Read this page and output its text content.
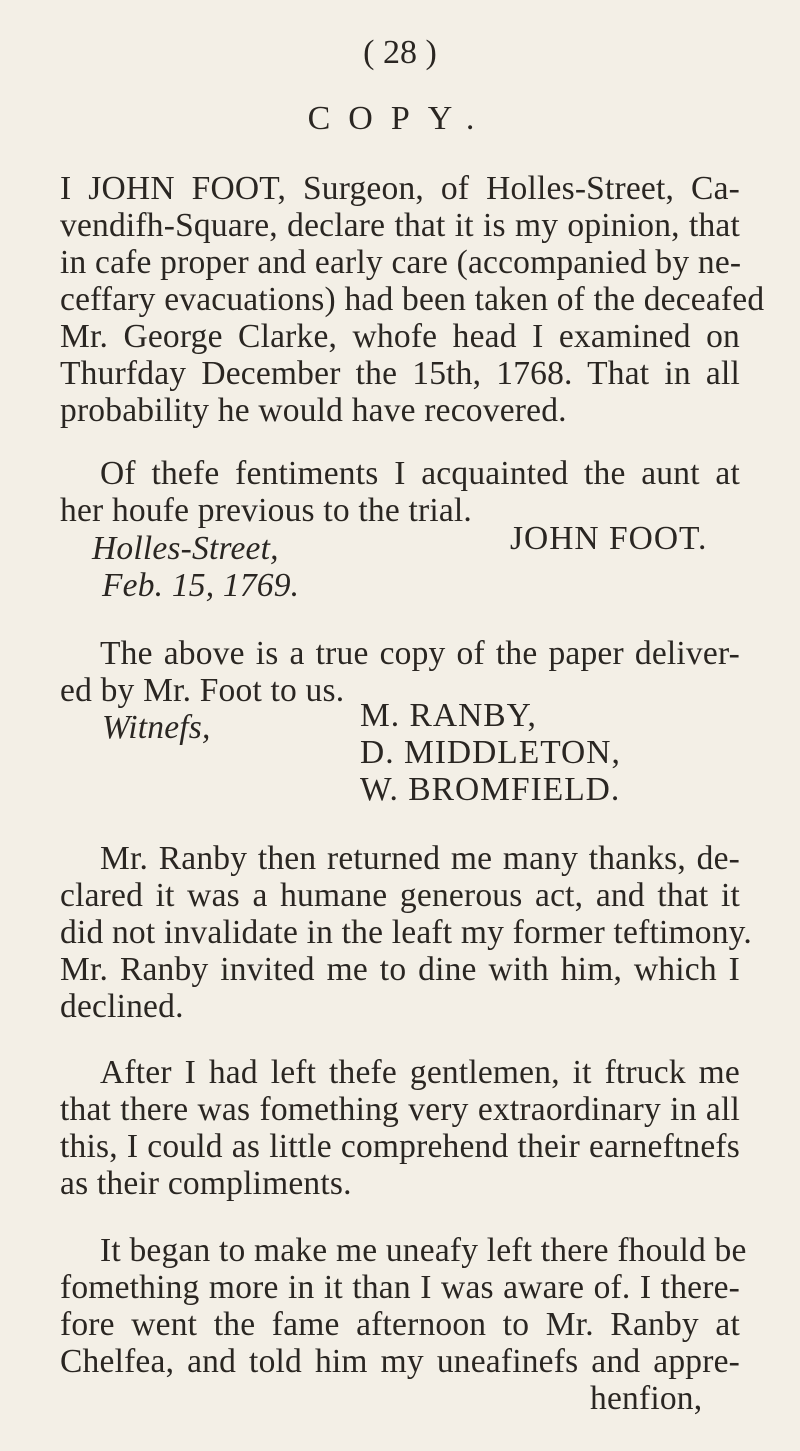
( 28 )
COPY.
I JOHN FOOT, Surgeon, of Holles-Street, Ca-
vendifh-Square, declare that it is my opinion, that
in cafe proper and early care (accompanied by ne-
ceffary evacuations) had been taken of the deceafed
Mr. George Clarke, whofe head I examined on
Thurfday December the 15th, 1768. That in all
probability he would have recovered.
Of thefe fentiments I acquainted the aunt at
her houfe previous to the trial.
Holles-Street,
Feb. 15, 1769.
JOHN FOOT.
The above is a true copy of the paper deliver-
ed by Mr. Foot to us.
Witnefs,	M. RANBY,
D. MIDDLETON,
W. BROMFIELD.
Mr. Ranby then returned me many thanks, de-
clared it was a humane generous act, and that it
did not invalidate in the leaft my former teftimony.
Mr. Ranby invited me to dine with him, which I
declined.
After I had left thefe gentlemen, it ftruck me
that there was fomething very extraordinary in all
this, I could as little comprehend their earneftnefs
as their compliments.
It began to make me uneafy left there fhould be
fomething more in it than I was aware of. I there-
fore went the fame afternoon to Mr. Ranby at
Chelfea, and told him my uneafinefs and appre-
henfion,
